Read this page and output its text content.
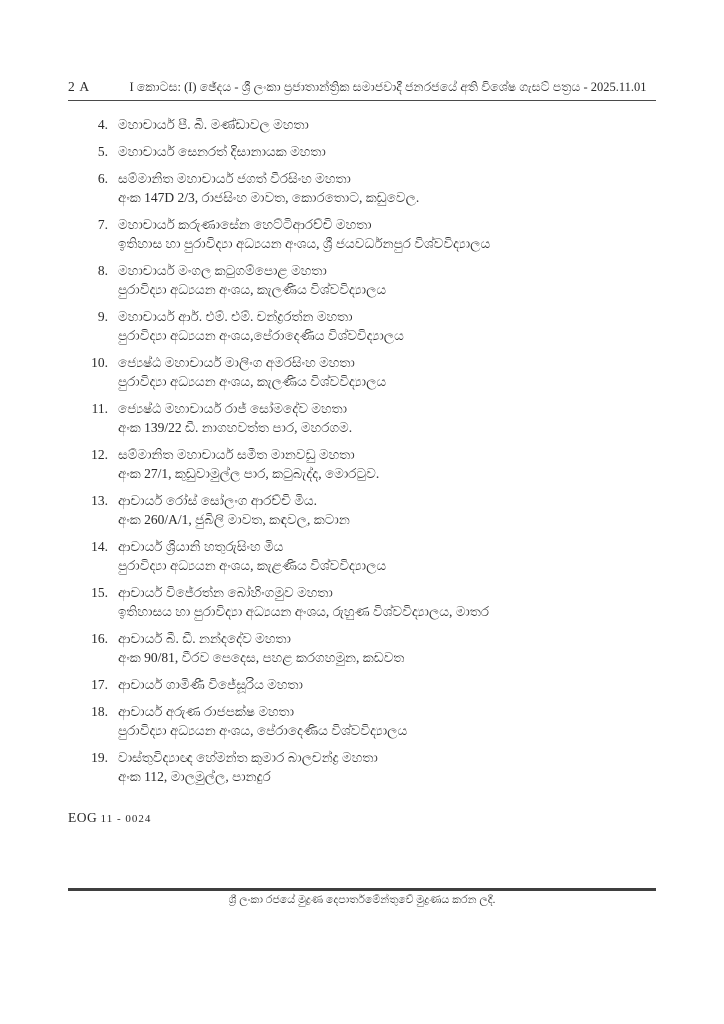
2 A	I කොටස: (I) ඡේදය - ශ්‍රී ලංකා ප්‍රජාතාන්ත්‍රික සමාජවාදී ජනරජයේ අති විශේෂ ගැසට් පත්‍රය - 2025.11.01
4. මහාචාර්ය පී. බී. මණ්ඩාවල මහතා
5. මහාචාර්ය සෙනරත් දිසානායක මහතා
6. සම්මානිත මහාචාර්ය ජගත් වීරසිංහ මහතා
අංක 147D 2/3, රාජසිංහ මාවත, කොරතොට, කඩුවෙල.
7. මහාචාර්ය කරුණාසේන හෙට්ටිආරච්චි මහතා
ඉතිහාස හා පුරාවිද්‍යා අධ්‍යයන අංශය, ශ්‍රී ජයවර්ධනපුර විශ්වවිද්‍යාලය
8. මහාචාර්ය මංගල කටුගම්පොළ මහතා
පුරාවිද්‍යා අධ්‍යයන අංශය, කැලණිය විශ්වවිද්‍යාලය
9. මහාචාර්ය ආර්. එම්. එම්. චන්ද්‍රරත්න මහතා
පුරාවිද්‍යා අධ්‍යයන අංශය,පේරාදෙණිය විශ්වවිද්‍යාලය
10. ජ්‍යෙෂ්ඨ මහාචාර්ය මාලිංග අමරසිංහ මහතා
පුරාවිද්‍යා අධ්‍යයන අංශය, කැලණිය විශ්වවිද්‍යාලය
11. ජ්‍යෙෂ්ඨ මහාචාර්ය රාජ් සෝමදේව මහතා
අංක 139/22 ඩී. නාගහවත්ත පාර, මහරගම.
12. සම්මානිත මහාචාර්ය සමීත මානවඩු මහතා
අංක 27/1, කුඩුවාමුල්ල පාර, කටුබැද්ද, මොරටුව.
13. ආචාර්ය රෝස් සෝලංග ආරච්චි මිය.
අංක 260/A/1, ජුබිලි මාවත, කඳවල, කටාන
14. ආචාර්ය ශ්‍රියානි හතුරුසිංහ මිය
පුරාවිද්‍යා අධ්‍යයන අංශය, කැළණිය විශ්වවිද්‍යාලය
15. ආචාර්ය විජේරත්න බෝහිංගමුව මහතා
ඉතිහාසය හා පුරාවිද්‍යා අධ්‍යයන අංශය, රුහුණ විශ්වවිද්‍යාලය, මාතර
16. ආචාර්ය බී. ඩී. නන්දදේව මහතා
අංක 90/81, වීරව පෙදෙස, පහළ කරගහමුන, කඩවත
17. ආචාර්ය ගාමිණී විජේසූරිය මහතා
18. ආචාර්ය අරුණ රාජපක්ෂ මහතා
පුරාවිද්‍යා අධ්‍යයන අංශය, පේරාදෙණිය විශ්වවිද්‍යාලය
19. වාස්තුවිද්‍යාඥ හේමන්ත කුමාර බාලචන්ද්‍ර මහතා
අංක 112, මාලමුල්ල, පානදුර
EOG 11 - 0024
ශ්‍රී ලංකා රජයේ මුද්‍රණ දෙපාර්තමේන්තුවේ මුද්‍රණය කරන ලදී.
